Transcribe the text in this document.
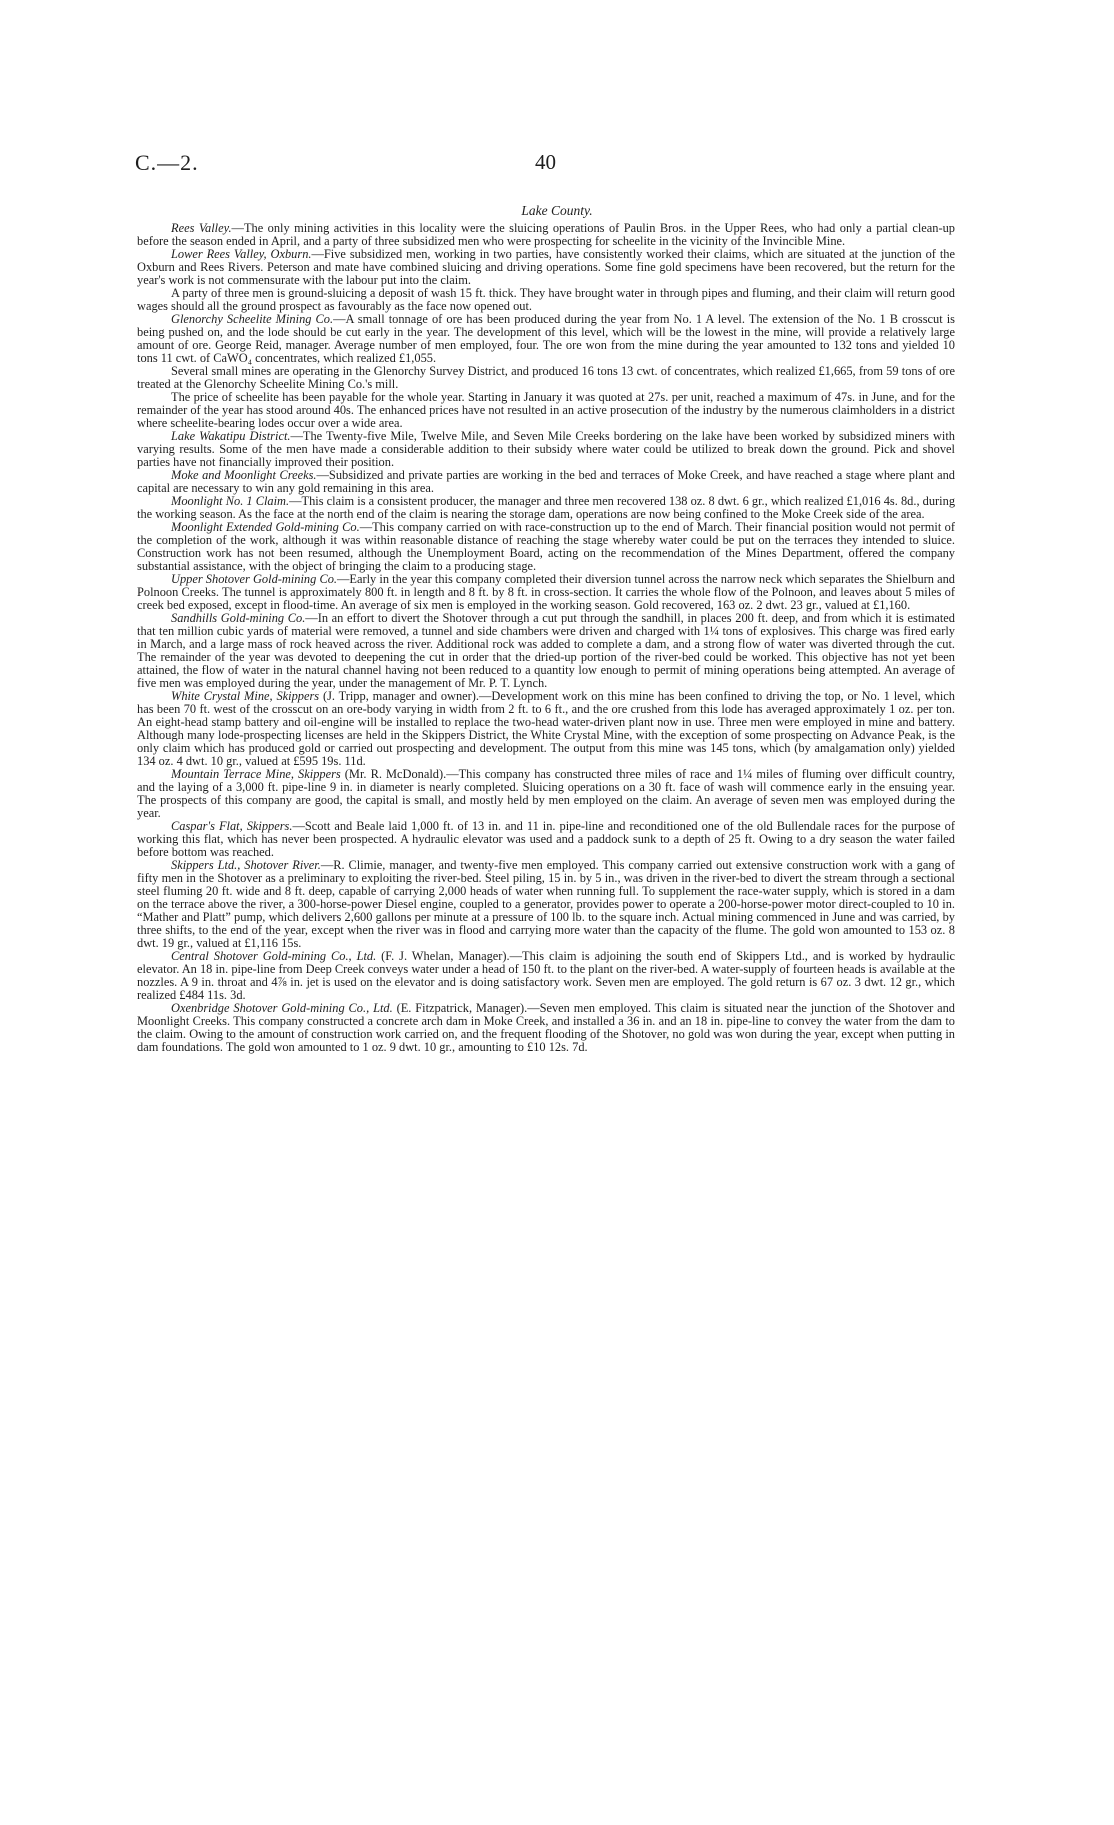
C.—2.	40
Lake County.

Rees Valley.—The only mining activities in this locality were the sluicing operations of Paulin Bros. in the Upper Rees, who had only a partial clean-up before the season ended in April, and a party of three subsidized men who were prospecting for scheelite in the vicinity of the Invincible Mine.

Lower Rees Valley, Oxburn.—Five subsidized men, working in two parties, have consistently worked their claims, which are situated at the junction of the Oxburn and Rees Rivers. Peterson and mate have combined sluicing and driving operations. Some fine gold specimens have been recovered, but the return for the year's work is not commensurate with the labour put into the claim.

A party of three men is ground-sluicing a deposit of wash 15 ft. thick. They have brought water in through pipes and fluming, and their claim will return good wages should all the ground prospect as favourably as the face now opened out.

Glenorchy Scheelite Mining Co.—A small tonnage of ore has been produced during the year from No. 1 A level. The extension of the No. 1 B crosscut is being pushed on, and the lode should be cut early in the year. The development of this level, which will be the lowest in the mine, will provide a relatively large amount of ore. George Reid, manager. Average number of men employed, four. The ore won from the mine during the year amounted to 132 tons and yielded 10 tons 11 cwt. of CaWO₄ concentrates, which realized £1,055.

Several small mines are operating in the Glenorchy Survey District, and produced 16 tons 13 cwt. of concentrates, which realized £1,665, from 59 tons of ore treated at the Glenorchy Scheelite Mining Co.'s mill.

The price of scheelite has been payable for the whole year. Starting in January it was quoted at 27s. per unit, reached a maximum of 47s. in June, and for the remainder of the year has stood around 40s. The enhanced prices have not resulted in an active prosecution of the industry by the numerous claimholders in a district where scheelite-bearing lodes occur over a wide area.

Lake Wakatipu District.—The Twenty-five Mile, Twelve Mile, and Seven Mile Creeks bordering on the lake have been worked by subsidized miners with varying results. Some of the men have made a considerable addition to their subsidy where water could be utilized to break down the ground. Pick and shovel parties have not financially improved their position.

Moke and Moonlight Creeks.—Subsidized and private parties are working in the bed and terraces of Moke Creek, and have reached a stage where plant and capital are necessary to win any gold remaining in this area.

Moonlight No. 1 Claim.—This claim is a consistent producer, the manager and three men recovered 138 oz. 8 dwt. 6 gr., which realized £1,016 4s. 8d., during the working season. As the face at the north end of the claim is nearing the storage dam, operations are now being confined to the Moke Creek side of the area.

Moonlight Extended Gold-mining Co.—This company carried on with race-construction up to the end of March. Their financial position would not permit of the completion of the work, although it was within reasonable distance of reaching the stage whereby water could be put on the terraces they intended to sluice. Construction work has not been resumed, although the Unemployment Board, acting on the recommendation of the Mines Department, offered the company substantial assistance, with the object of bringing the claim to a producing stage.

Upper Shotover Gold-mining Co.—Early in the year this company completed their diversion tunnel across the narrow neck which separates the Shielburn and Polnoon Creeks. The tunnel is approximately 800 ft. in length and 8 ft. by 8 ft. in cross-section. It carries the whole flow of the Polnoon, and leaves about 5 miles of creek bed exposed, except in flood-time. An average of six men is employed in the working season. Gold recovered, 163 oz. 2 dwt. 23 gr., valued at £1,160.

Sandhills Gold-mining Co.—In an effort to divert the Shotover through a cut put through the sandhill, in places 200 ft. deep, and from which it is estimated that ten million cubic yards of material were removed, a tunnel and side chambers were driven and charged with 1¼ tons of explosives. This charge was fired early in March, and a large mass of rock heaved across the river. Additional rock was added to complete a dam, and a strong flow of water was diverted through the cut. The remainder of the year was devoted to deepening the cut in order that the dried-up portion of the river-bed could be worked. This objective has not yet been attained, the flow of water in the natural channel having not been reduced to a quantity low enough to permit of mining operations being attempted. An average of five men was employed during the year, under the management of Mr. P. T. Lynch.

White Crystal Mine, Skippers (J. Tripp, manager and owner).—Development work on this mine has been confined to driving the top, or No. 1 level, which has been 70 ft. west of the crosscut on an ore-body varying in width from 2 ft. to 6 ft., and the ore crushed from this lode has averaged approximately 1 oz. per ton. An eight-head stamp battery and oil-engine will be installed to replace the two-head water-driven plant now in use. Three men were employed in mine and battery. Although many lode-prospecting licenses are held in the Skippers District, the White Crystal Mine, with the exception of some prospecting on Advance Peak, is the only claim which has produced gold or carried out prospecting and development. The output from this mine was 145 tons, which (by amalgamation only) yielded 134 oz. 4 dwt. 10 gr., valued at £595 19s. 11d.

Mountain Terrace Mine, Skippers (Mr. R. McDonald).—This company has constructed three miles of race and 1¼ miles of fluming over difficult country, and the laying of a 3,000 ft. pipe-line 9 in. in diameter is nearly completed. Sluicing operations on a 30 ft. face of wash will commence early in the ensuing year. The prospects of this company are good, the capital is small, and mostly held by men employed on the claim. An average of seven men was employed during the year.

Caspar's Flat, Skippers.—Scott and Beale laid 1,000 ft. of 13 in. and 11 in. pipe-line and reconditioned one of the old Bullendale races for the purpose of working this flat, which has never been prospected. A hydraulic elevator was used and a paddock sunk to a depth of 25 ft. Owing to a dry season the water failed before bottom was reached.

Skippers Ltd., Shotover River.—R. Climie, manager, and twenty-five men employed. This company carried out extensive construction work with a gang of fifty men in the Shotover as a preliminary to exploiting the river-bed. Steel piling, 15 in. by 5 in., was driven in the river-bed to divert the stream through a sectional steel fluming 20 ft. wide and 8 ft. deep, capable of carrying 2,000 heads of water when running full. To supplement the race-water supply, which is stored in a dam on the terrace above the river, a 300-horse-power Diesel engine, coupled to a generator, provides power to operate a 200-horse-power motor direct-coupled to 10 in. “Mather and Platt” pump, which delivers 2,600 gallons per minute at a pressure of 100 lb. to the square inch. Actual mining commenced in June and was carried, by three shifts, to the end of the year, except when the river was in flood and carrying more water than the capacity of the flume. The gold won amounted to 153 oz. 8 dwt. 19 gr., valued at £1,116 15s.

Central Shotover Gold-mining Co., Ltd. (F. J. Whelan, Manager).—This claim is adjoining the south end of Skippers Ltd., and is worked by hydraulic elevator. An 18 in. pipe-line from Deep Creek conveys water under a head of 150 ft. to the plant on the river-bed. A water-supply of fourteen heads is available at the nozzles. A 9 in. throat and 4⅞ in. jet is used on the elevator and is doing satisfactory work. Seven men are employed. The gold return is 67 oz. 3 dwt. 12 gr., which realized £484 11s. 3d.

Oxenbridge Shotover Gold-mining Co., Ltd. (E. Fitzpatrick, Manager).—Seven men employed. This claim is situated near the junction of the Shotover and Moonlight Creeks. This company constructed a concrete arch dam in Moke Creek, and installed a 36 in. and an 18 in. pipe-line to convey the water from the dam to the claim. Owing to the amount of construction work carried on, and the frequent flooding of the Shotover, no gold was won during the year, except when putting in dam foundations. The gold won amounted to 1 oz. 9 dwt. 10 gr., amounting to £10 12s. 7d.
